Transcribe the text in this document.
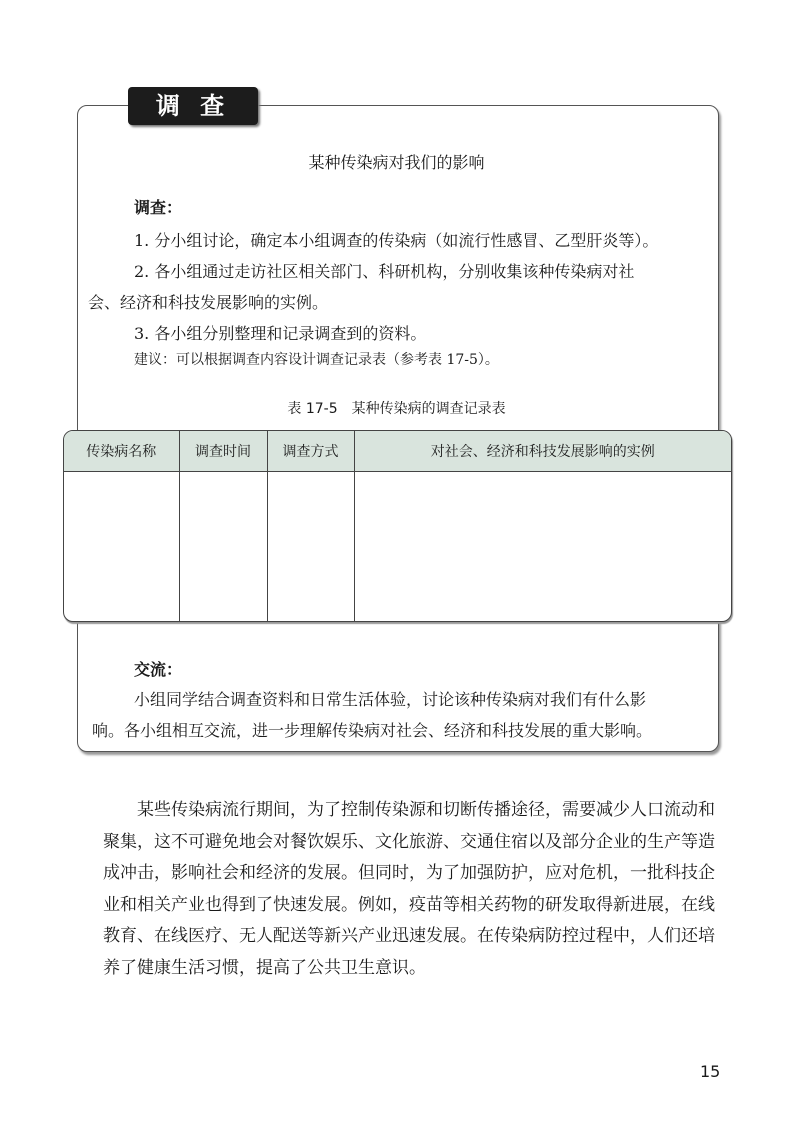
调 查
某种传染病对我们的影响
调查：
1. 分小组讨论，确定本小组调查的传染病（如流行性感冒、乙型肝炎等）。
2. 各小组通过走访社区相关部门、科研机构，分别收集该种传染病对社
会、经济和科技发展影响的实例。
3. 各小组分别整理和记录调查到的资料。
建议：可以根据调查内容设计调查记录表（参考表 17-5）。
表 17-5　某种传染病的调查记录表
传染病名称	调查时间	调查方式	对社会、经济和科技发展影响的实例

交流：
小组同学结合调查资料和日常生活体验，讨论该种传染病对我们有什么影
响。各小组相互交流，进一步理解传染病对社会、经济和科技发展的重大影响。
某些传染病流行期间，为了控制传染源和切断传播途径，需要减少人口流动和聚集，这不可避免地会对餐饮娱乐、文化旅游、交通住宿以及部分企业的生产等造成冲击，影响社会和经济的发展。但同时，为了加强防护，应对危机，一批科技企业和相关产业也得到了快速发展。例如，疫苗等相关药物的研发取得新进展，在线教育、在线医疗、无人配送等新兴产业迅速发展。在传染病防控过程中，人们还培养了健康生活习惯，提高了公共卫生意识。
15
